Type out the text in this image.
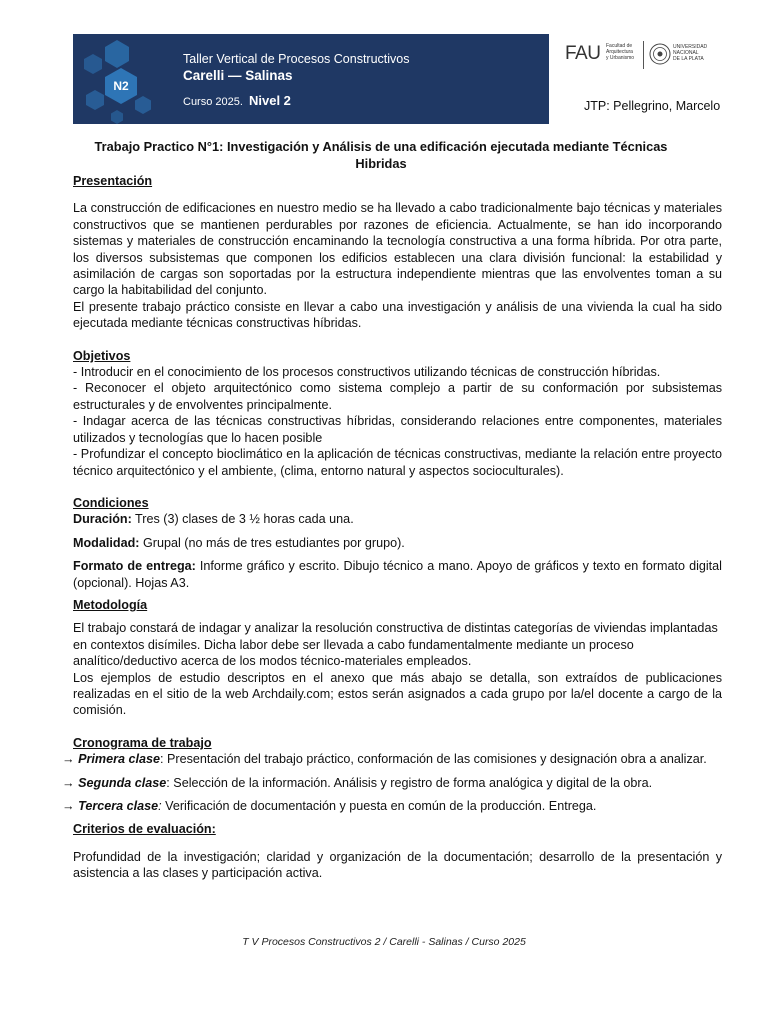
N2
Taller Vertical de Procesos Constructivos
Carelli — Salinas
Curso 2025. Nivel 2
FAU Facultad de
Arquitectura
y Urbanismo
UNIVERSIDAD
NACIONAL
DE LA PLATA
JTP: Pellegrino, Marcelo
Trabajo Practico N°1: Investigación y Análisis de una edificación ejecutada mediante Técnicas Hibridas

Presentación

La construcción de edificaciones en nuestro medio se ha llevado a cabo tradicionalmente bajo técnicas y materiales constructivos que se mantienen perdurables por razones de eficiencia. Actualmente, se han ido incorporando sistemas y materiales de construcción encaminando la tecnología constructiva a una forma híbrida. Por otra parte, los diversos subsistemas que componen los edificios establecen una clara división funcional: la estabilidad y asimilación de cargas son soportadas por la estructura independiente mientras que las envolventes toman a su cargo la habitabilidad del conjunto.

El presente trabajo práctico consiste en llevar a cabo una investigación y análisis de una vivienda la cual ha sido ejecutada mediante técnicas constructivas híbridas.

Objetivos

- Introducir en el conocimiento de los procesos constructivos utilizando técnicas de construcción híbridas.

- Reconocer el objeto arquitectónico como sistema complejo a partir de su conformación por subsistemas estructurales y de envolventes principalmente.

- Indagar acerca de las técnicas constructivas híbridas, considerando relaciones entre componentes, materiales utilizados y tecnologías que lo hacen posible

- Profundizar el concepto bioclimático en la aplicación de técnicas constructivas, mediante la relación entre proyecto técnico arquitectónico y el ambiente, (clima, entorno natural y aspectos socioculturales).

Condiciones

Duración: Tres (3) clases de 3 ½ horas cada una.

Modalidad: Grupal (no más de tres estudiantes por grupo).

Formato de entrega: Informe gráfico y escrito. Dibujo técnico a mano. Apoyo de gráficos y texto en formato digital (opcional). Hojas A3.

Metodología

El trabajo constará de indagar y analizar la resolución constructiva de distintas categorías de viviendas implantadas en contextos disímiles. Dicha labor debe ser llevada a cabo fundamentalmente mediante un proceso analítico/deductivo acerca de los modos técnico-materiales empleados.

Los ejemplos de estudio descriptos en el anexo que más abajo se detalla, son extraídos de publicaciones realizadas en el sitio de la web Archdaily.com; estos serán asignados a cada grupo por la/el docente a cargo de la comisión.

Cronograma de trabajo

→ Primera clase: Presentación del trabajo práctico, conformación de las comisiones y designación obra a analizar.

→ Segunda clase: Selección de la información. Análisis y registro de forma analógica y digital de la obra.

→ Tercera clase: Verificación de documentación y puesta en común de la producción. Entrega.

Criterios de evaluación:

Profundidad de la investigación; claridad y organización de la documentación; desarrollo de la presentación y asistencia a las clases y participación activa.

T V Procesos Constructivos 2 / Carelli - Salinas / Curso 2025
